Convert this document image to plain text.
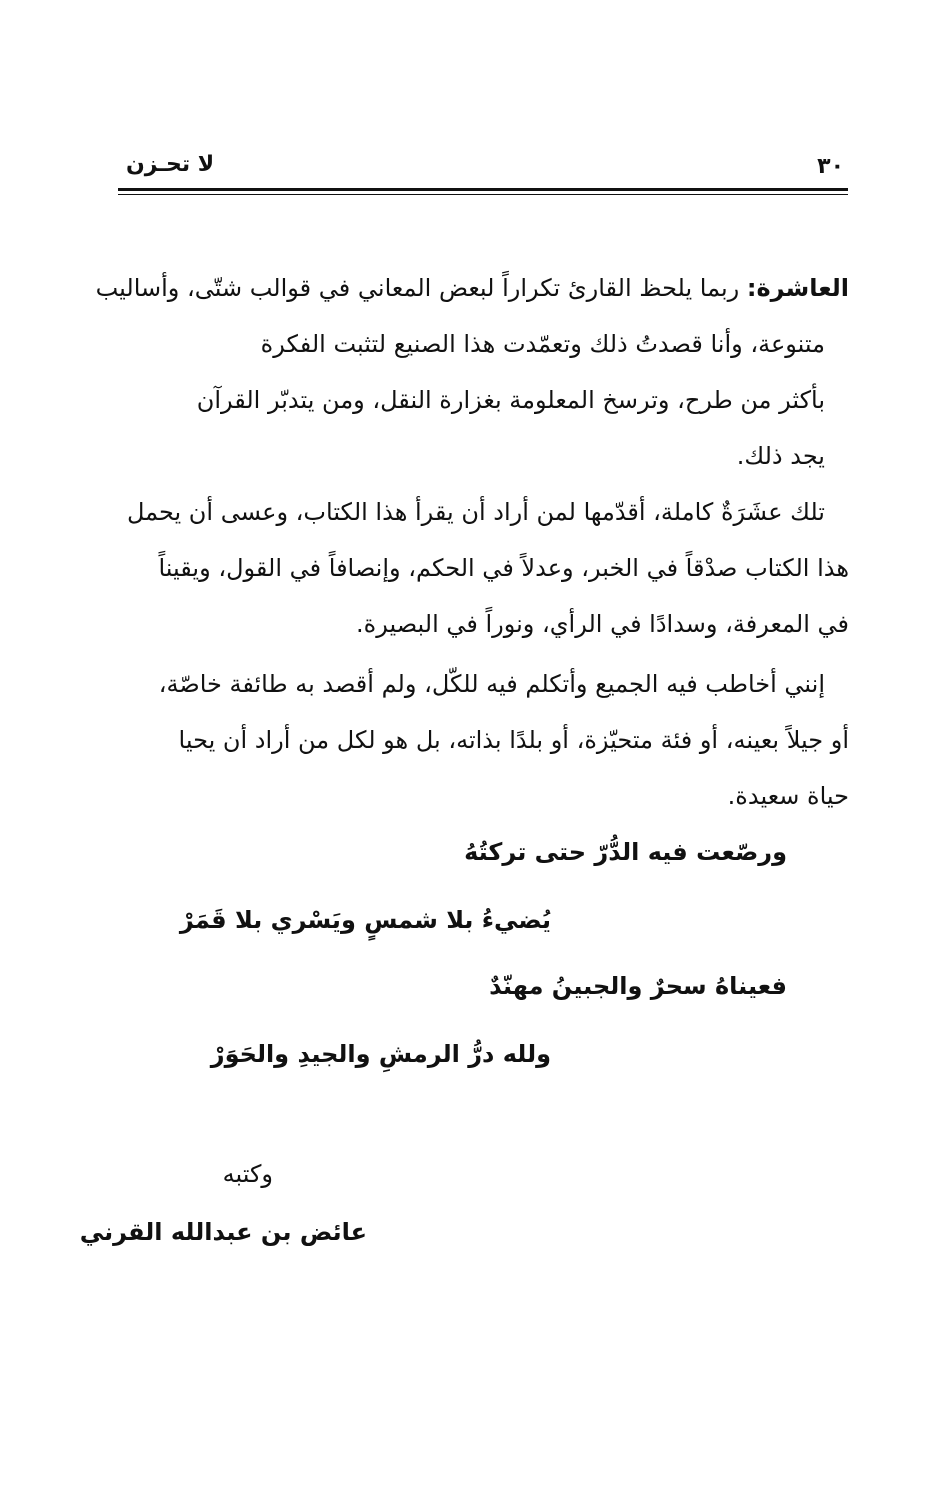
٣٠
لا تحـزن
العاشرة: ربما يلحظ القارئ تكراراً لبعض المعاني في قوالب شتّى، وأساليب
متنوعة، وأنا قصدتُ ذلك وتعمّدت هذا الصنيع لتثبت الفكرة
بأكثر من طرح، وترسخ المعلومة بغزارة النقل، ومن يتدبّر القرآن
يجد ذلك.
تلك عشَرَةٌ كاملة، أقدّمها لمن أراد أن يقرأ هذا الكتاب، وعسى أن يحمل
هذا الكتاب صدْقاً في الخبر، وعدلاً في الحكم، وإنصافاً في القول، ويقيناً
في المعرفة، وسدادًا في الرأي، ونوراً في البصيرة.
إنني أخاطب فيه الجميع وأتكلم فيه للكّل، ولم أقصد به طائفة خاصّة،
أو جيلاً بعينه، أو فئة متحيّزة، أو بلدًا بذاته، بل هو لكل من أراد أن يحيا
حياة سعيدة.
ورصّعت فيه الدُّرّ حتى تركتُهُ
يُضيءُ بلا شمسٍ ويَسْري بلا قَمَرْ
فعيناهُ سحرٌ والجبينُ مهنّدٌ
ولله درُّ الرمشِ والجيدِ والحَوَرْ
وكتبه
عائض بن عبدالله القرني
